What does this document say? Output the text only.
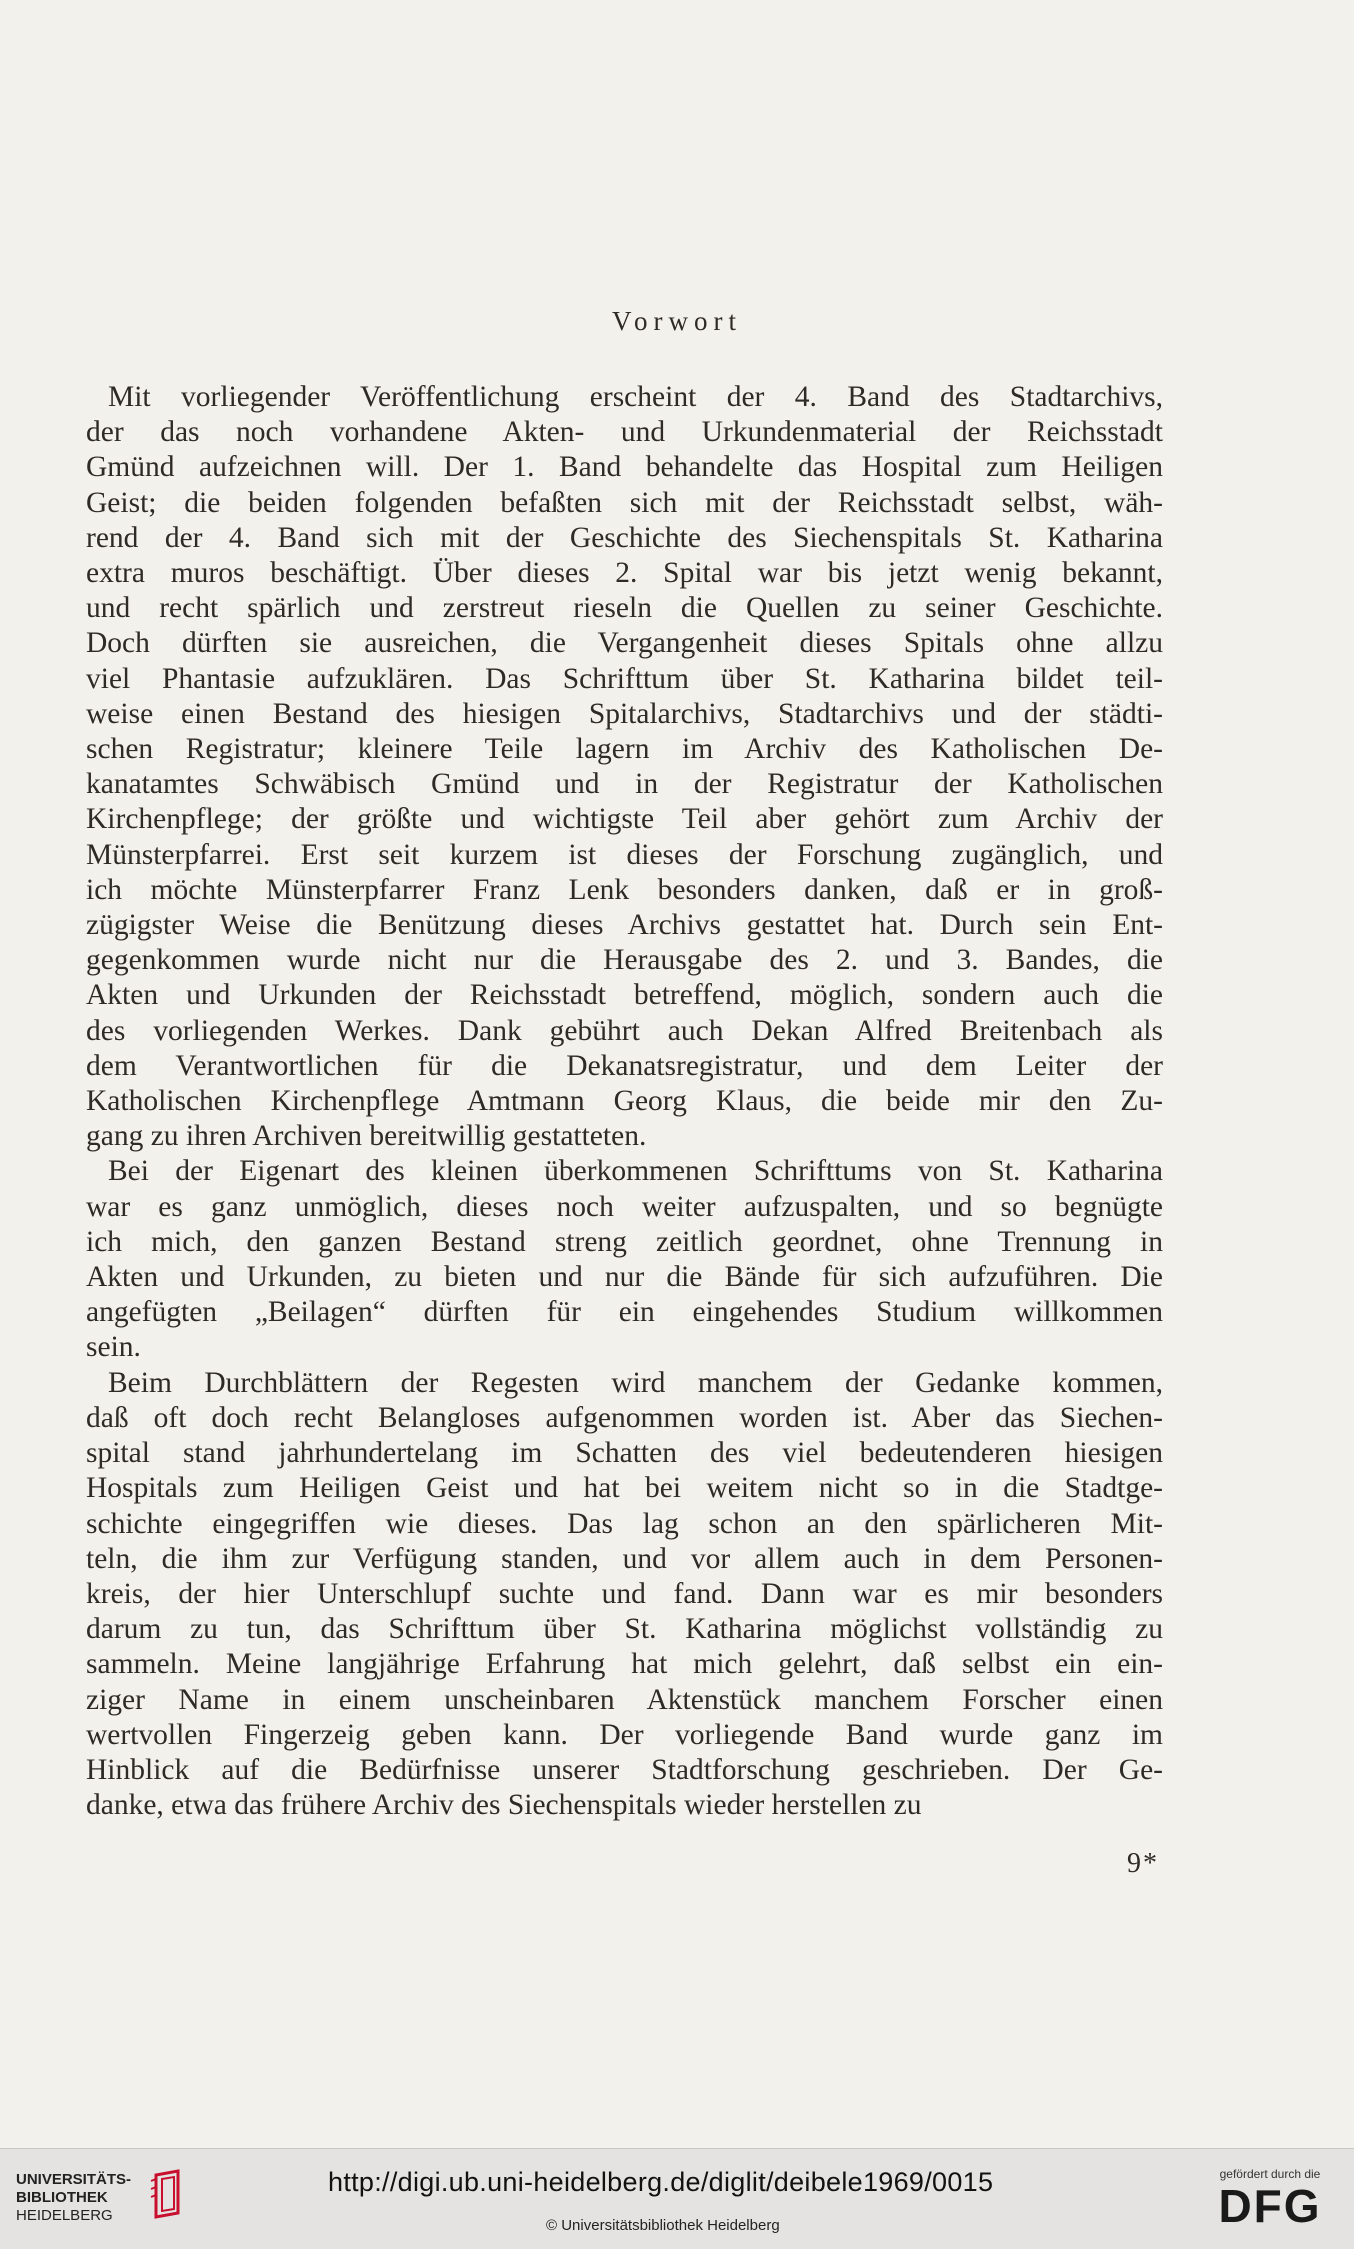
Vorwort
Mit vorliegender Veröffentlichung erscheint der 4. Band des Stadtarchivs,
der das noch vorhandene Akten- und Urkundenmaterial der Reichsstadt
Gmünd aufzeichnen will. Der 1. Band behandelte das Hospital zum Heiligen
Geist; die beiden folgenden befaßten sich mit der Reichsstadt selbst, wäh-
rend der 4. Band sich mit der Geschichte des Siechenspitals St. Katharina
extra muros beschäftigt. Über dieses 2. Spital war bis jetzt wenig bekannt,
und recht spärlich und zerstreut rieseln die Quellen zu seiner Geschichte.
Doch dürften sie ausreichen, die Vergangenheit dieses Spitals ohne allzu
viel Phantasie aufzuklären. Das Schrifttum über St. Katharina bildet teil-
weise einen Bestand des hiesigen Spitalarchivs, Stadtarchivs und der städti-
schen Registratur; kleinere Teile lagern im Archiv des Katholischen De-
kanatamtes Schwäbisch Gmünd und in der Registratur der Katholischen
Kirchenpflege; der größte und wichtigste Teil aber gehört zum Archiv der
Münsterpfarrei. Erst seit kurzem ist dieses der Forschung zugänglich, und
ich möchte Münsterpfarrer Franz Lenk besonders danken, daß er in groß-
zügigster Weise die Benützung dieses Archivs gestattet hat. Durch sein Ent-
gegenkommen wurde nicht nur die Herausgabe des 2. und 3. Bandes, die
Akten und Urkunden der Reichsstadt betreffend, möglich, sondern auch die
des vorliegenden Werkes. Dank gebührt auch Dekan Alfred Breitenbach als
dem Verantwortlichen für die Dekanatsregistratur, und dem Leiter der
Katholischen Kirchenpflege Amtmann Georg Klaus, die beide mir den Zu-
gang zu ihren Archiven bereitwillig gestatteten.
Bei der Eigenart des kleinen überkommenen Schrifttums von St. Katharina
war es ganz unmöglich, dieses noch weiter aufzuspalten, und so begnügte
ich mich, den ganzen Bestand streng zeitlich geordnet, ohne Trennung in
Akten und Urkunden, zu bieten und nur die Bände für sich aufzuführen. Die
angefügten „Beilagen“ dürften für ein eingehendes Studium willkommen
sein.
Beim Durchblättern der Regesten wird manchem der Gedanke kommen,
daß oft doch recht Belangloses aufgenommen worden ist. Aber das Siechen-
spital stand jahrhundertelang im Schatten des viel bedeutenderen hiesigen
Hospitals zum Heiligen Geist und hat bei weitem nicht so in die Stadtge-
schichte eingegriffen wie dieses. Das lag schon an den spärlicheren Mit-
teln, die ihm zur Verfügung standen, und vor allem auch in dem Personen-
kreis, der hier Unterschlupf suchte und fand. Dann war es mir besonders
darum zu tun, das Schrifttum über St. Katharina möglichst vollständig zu
sammeln. Meine langjährige Erfahrung hat mich gelehrt, daß selbst ein ein-
ziger Name in einem unscheinbaren Aktenstück manchem Forscher einen
wertvollen Fingerzeig geben kann. Der vorliegende Band wurde ganz im
Hinblick auf die Bedürfnisse unserer Stadtforschung geschrieben. Der Ge-
danke, etwa das frühere Archiv des Siechenspitals wieder herstellen zu
9*
UNIVERSITÄTS-
BIBLIOTHEK
HEIDELBERG
http://digi.ub.uni-heidelberg.de/diglit/deibele1969/0015
© Universitätsbibliothek Heidelberg
gefördert durch die
DFG
